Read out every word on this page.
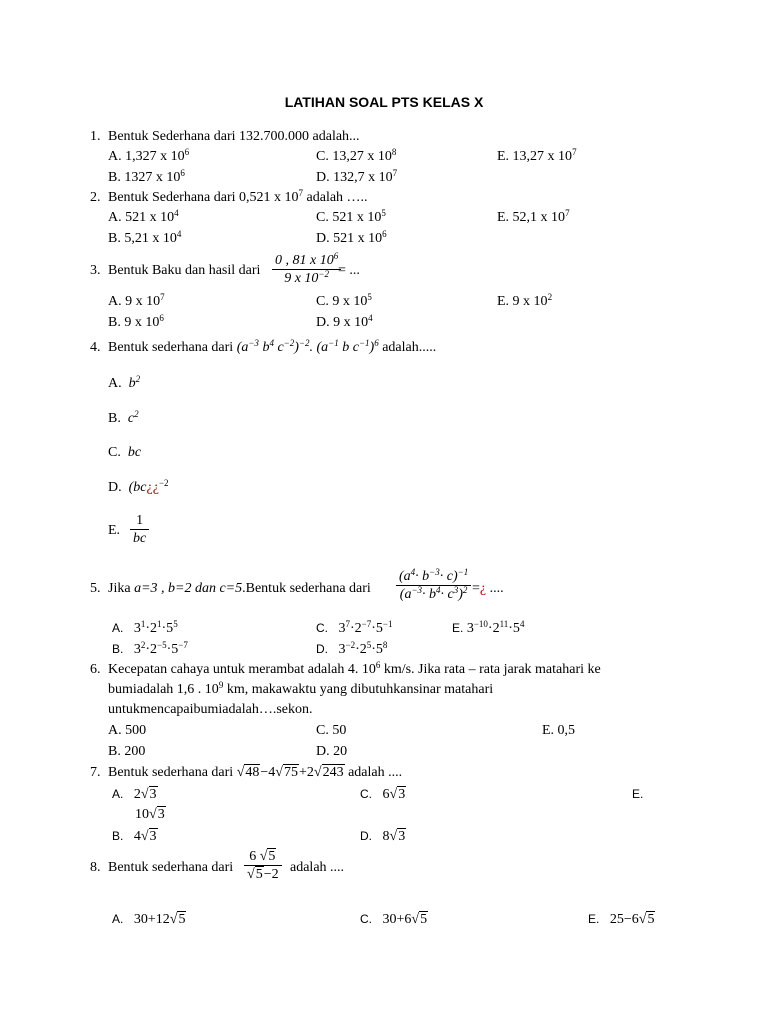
LATIHAN SOAL PTS KELAS X
1. Bentuk Sederhana dari 132.700.000 adalah...
A. 1,327 x $10^6$	C. 13,27 x $10^8$	E. 13,27 x $10^7$
B. 1327 x $10^6$	D. 132,7 x $10^7$
2. Bentuk Sederhana dari 0,521 x $10^7$ adalah …..
A. 521 x $10^4$	C. 521 x $10^5$	E. 52,1 x $10^7$
B. 5,21 x $10^4$	D. 521 x $10^6$
3. Bentuk Baku dan hasil dari $\frac{0 , 81 x 10^6}{9 x 10^{-2}}$
= ...
A. 9 x $10^7$	C. 9 x $10^5$	E. 9 x $10^2$
B. 9 x $10^6$	D. 9 x $10^4$
4. Bentuk sederhana dari ($a^{-3}$ $b^4$ $c^{-2})^{-2}$. ($a^{-1}$ b $c^{-1})^6$ adalah.....
A. $b^2$
B. $c^2$
C. bc
D. (bc¿¿$^{-2}$
E. $\frac{1}{bc}$
5. Jika a=3 , b=2 dan c=5.Bentuk sederhana dari $\frac{(a^4\cdot b^{-3}\cdot c)^{-1}}{(a^{-3}\cdot b^4\cdot c^3)^2}$ =¿ ....
A. $3^1\cdot 2^1\cdot 5^5$	C. $3^7\cdot 2^{-7}\cdot 5^{-1}$	E. $3^{-10}\cdot 2^{11}\cdot 5^4$
B. $3^2\cdot 2^{-5}\cdot 5^{-7}$	D. $3^{-2}\cdot 2^5\cdot 5^8$
6. Kecepatan cahaya untuk merambat adalah 4. $10^6$ km/s. Jika rata – rata jarak matahari ke
bumiadalah 1,6 . $10^9$ km, makawaktu yang dibutuhkansinar matahari
untukmencapaibumiadalah….sekon.
A. 500	C. 50	E. 0,5
B. 200	D. 20
7. Bentuk sederhana dari √48−4√75+2√243 adalah ....
A. 2√3	C. 6√3	E.
10√3
B. 4√3	D. 8√3
8. Bentuk sederhana dari $\frac{6 √5}{√5-2}$ adalah ....
A. 30+12√5	C. 30+6√5	E. 25−6√5
